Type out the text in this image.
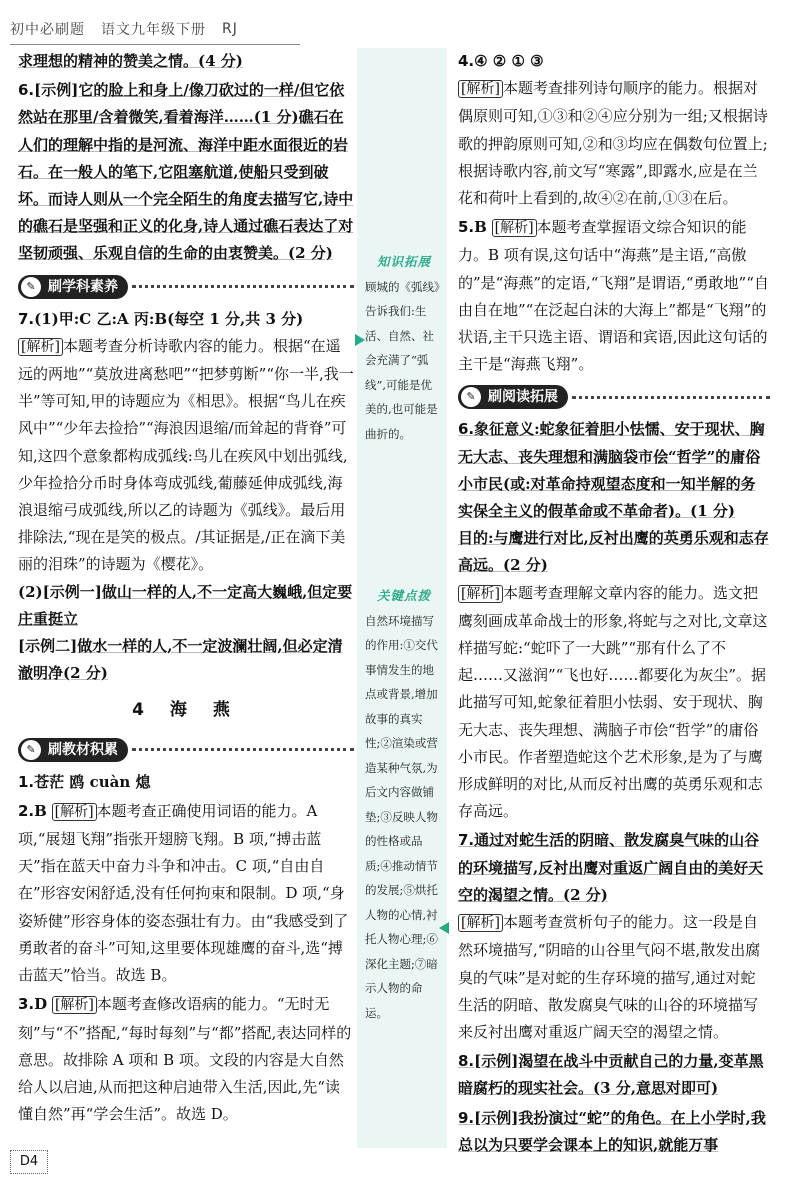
初中必刷题 语文九年级下册 RJ
求理想的精神的赞美之情。(4 分)
6.[示例]它的脸上和身上/像刀砍过的一样/但它依然站在那里/含着微笑,看着海洋……(1 分)礁石在人们的理解中指的是河流、海洋中距水面很近的岩石。在一般人的笔下,它阻塞航道,使船只受到破坏。而诗人则从一个完全陌生的角度去描写它,诗中的礁石是坚强和正义的化身,诗人通过礁石表达了对坚韧顽强、乐观自信的生命的由衷赞美。(2 分)
✎ 刷学科素养
7.(1)甲:C 乙:A 丙:B(每空 1 分,共 3 分)
[解析] 本题考查分析诗歌内容的能力。根据“在遥远的两地”“莫放进离愁吧”“把梦剪断”“你一半,我一半”等可知,甲的诗题应为《相思》。根据“鸟儿在疾风中”“少年去捡拾”“海浪因退缩/而耸起的背脊”可知,这四个意象都构成弧线:鸟儿在疾风中划出弧线,少年捡拾分币时身体弯成弧线,葡藤延伸成弧线,海浪退缩弓成弧线,所以乙的诗题为《弧线》。最后用排除法,“现在是笑的极点。/其证据是,/正在滴下美丽的泪珠”的诗题为《樱花》。
(2)[示例一]做山一样的人,不一定高大巍峨,但定要庄重挺立
[示例二]做水一样的人,不一定波澜壮阔,但必定清澈明净(2 分)
4 海 燕
✎ 刷教材积累
1.苍茫 鸥 cuàn 熄
2.B [解析] 本题考查正确使用词语的能力。A 项,“展翅飞翔”指张开翅膀飞翔。B 项,“搏击蓝天”指在蓝天中奋力斗争和冲击。C 项,“自由自在”形容安闲舒适,没有任何拘束和限制。D 项,“身姿矫健”形容身体的姿态强壮有力。由“我感受到了勇敢者的奋斗”可知,这里要体现雄鹰的奋斗,选“搏击蓝天”恰当。故选 B。
3.D [解析] 本题考查修改语病的能力。“无时无刻”与“不”搭配,“每时每刻”与“都”搭配,表达同样的意思。故排除 A 项和 B 项。文段的内容是大自然给人以启迪,从而把这种启迪带入生活,因此,先“读懂自然”再“学会生活”。故选 D。
知识拓展
顾城的《弧线》告诉我们:生活、自然、社会充满了“弧线”,可能是优美的,也可能是曲折的。
关键点拨
自然环境描写的作用:①交代事情发生的地点或背景,增加故事的真实性;②渲染或营造某种气氛,为后文内容做铺垫;③反映人物的性格或品质;④推动情节的发展;⑤烘托人物的心情,衬托人物心理;⑥深化主题;⑦暗示人物的命运。
4.④ ② ① ③
[解析] 本题考查排列诗句顺序的能力。根据对偶原则可知,①③和②④应分别为一组;又根据诗歌的押韵原则可知,②和③均应在偶数句位置上;根据诗歌内容,前文写“寒露”,即露水,应是在兰花和荷叶上看到的,故④②在前,①③在后。
5.B [解析] 本题考查掌握语文综合知识的能力。B 项有误,这句话中“海燕”是主语,“高傲的”是“海燕”的定语,“飞翔”是谓语,“勇敢地”“自由自在地”“在泛起白沫的大海上”都是“飞翔”的状语,主干只选主语、谓语和宾语,因此这句话的主干是“海燕飞翔”。
✎ 刷阅读拓展
6.象征意义:蛇象征着胆小怯懦、安于现状、胸无大志、丧失理想和满脑袋市侩“哲学”的庸俗小市民(或:对革命持观望态度和一知半解的务实保全主义的假革命或不革命者)。(1 分)
目的:与鹰进行对比,反衬出鹰的英勇乐观和志存高远。(2 分)
[解析] 本题考查理解文章内容的能力。选文把鹰刻画成革命战士的形象,将蛇与之对比,文章这样描写蛇:“蛇吓了一大跳”“那有什么了不起……又滋润”“飞也好……都要化为灰尘”。据此描写可知,蛇象征着胆小怯弱、安于现状、胸无大志、丧失理想、满脑子市侩“哲学”的庸俗小市民。作者塑造蛇这个艺术形象,是为了与鹰形成鲜明的对比,从而反衬出鹰的英勇乐观和志存高远。
7.通过对蛇生活的阴暗、散发腐臭气味的山谷的环境描写,反衬出鹰对重返广阔自由的美好天空的渴望之情。(2 分)
[解析] 本题考查赏析句子的能力。这一段是自然环境描写,“阴暗的山谷里气闷不堪,散发出腐臭的气味”是对蛇的生存环境的描写,通过对蛇生活的阴暗、散发腐臭气味的山谷的环境描写来反衬出鹰对重返广阔天空的渴望之情。
8.[示例]渴望在战斗中贡献自己的力量,变革黑暗腐朽的现实社会。(3 分,意思对即可)
9.[示例]我扮演过“蛇”的角色。在上小学时,我总以为只要学会课本上的知识,就能万事
D4
